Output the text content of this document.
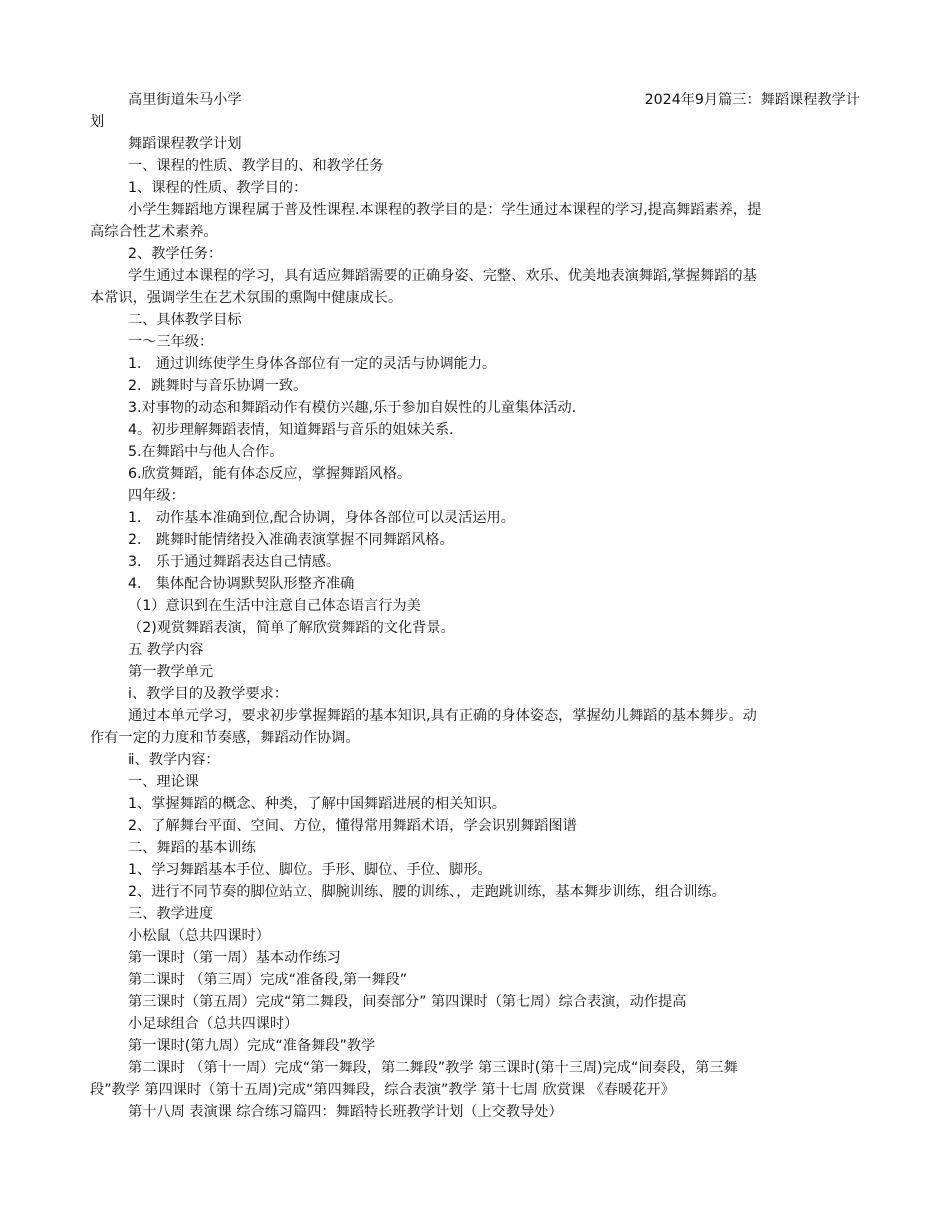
高里街道朱马小学	2024年9月篇三：舞蹈课程教学计
划
舞蹈课程教学计划
一、课程的性质、教学目的、和教学任务
1、课程的性质、教学目的：
小学生舞蹈地方课程属于普及性课程.本课程的教学目的是：学生通过本课程的学习,提高舞蹈素养，提
高综合性艺术素养。
2、教学任务：
学生通过本课程的学习，具有适应舞蹈需要的正确身姿、完整、欢乐、优美地表演舞蹈,掌握舞蹈的基
本常识，强调学生在艺术氛围的熏陶中健康成长。
二、具体教学目标
一～三年级：
1． 通过训练使学生身体各部位有一定的灵活与协调能力。
2．跳舞时与音乐协调一致。
3.对事物的动态和舞蹈动作有模仿兴趣,乐于参加自娱性的儿童集体活动.
4。初步理解舞蹈表情，知道舞蹈与音乐的姐妹关系.
5.在舞蹈中与他人合作。
6.欣赏舞蹈，能有体态反应，掌握舞蹈风格。
四年级：
1． 动作基本准确到位,配合协调，身体各部位可以灵活运用。
2． 跳舞时能情绪投入准确表演掌握不同舞蹈风格。
3． 乐于通过舞蹈表达自己情感。
4． 集体配合协调默契队形整齐准确
（1）意识到在生活中注意自己体态语言行为美
（2)观赏舞蹈表演，简单了解欣赏舞蹈的文化背景。
五 教学内容
第一教学单元
ⅰ、教学目的及教学要求：
通过本单元学习，要求初步掌握舞蹈的基本知识,具有正确的身体姿态，掌握幼儿舞蹈的基本舞步。动
作有一定的力度和节奏感，舞蹈动作协调。
ⅱ、教学内容：
一、理论课
1、掌握舞蹈的概念、种类，了解中国舞蹈进展的相关知识。
2、了解舞台平面、空间、方位，懂得常用舞蹈术语，学会识别舞蹈图谱
二、舞蹈的基本训练
1、学习舞蹈基本手位、脚位。手形、脚位、手位、脚形。
2、进行不同节奏的脚位站立、脚腕训练、腰的训练、，走跑跳训练，基本舞步训练，组合训练。
三、教学进度
小松鼠（总共四课时）
第一课时（第一周）基本动作练习
第二课时 （第三周）完成“准备段,第一舞段”
第三课时（第五周）完成“第二舞段，间奏部分” 第四课时（第七周）综合表演，动作提高
小足球组合（总共四课时）
第一课时(第九周）完成“准备舞段”教学
第二课时 （第十一周）完成“第一舞段，第二舞段”教学 第三课时(第十三周)完成“间奏段，第三舞
段”教学 第四课时（第十五周)完成“第四舞段，综合表演”教学 第十七周 欣赏课 《春暖花开》
第十八周 表演课 综合练习篇四：舞蹈特长班教学计划（上交教导处）
